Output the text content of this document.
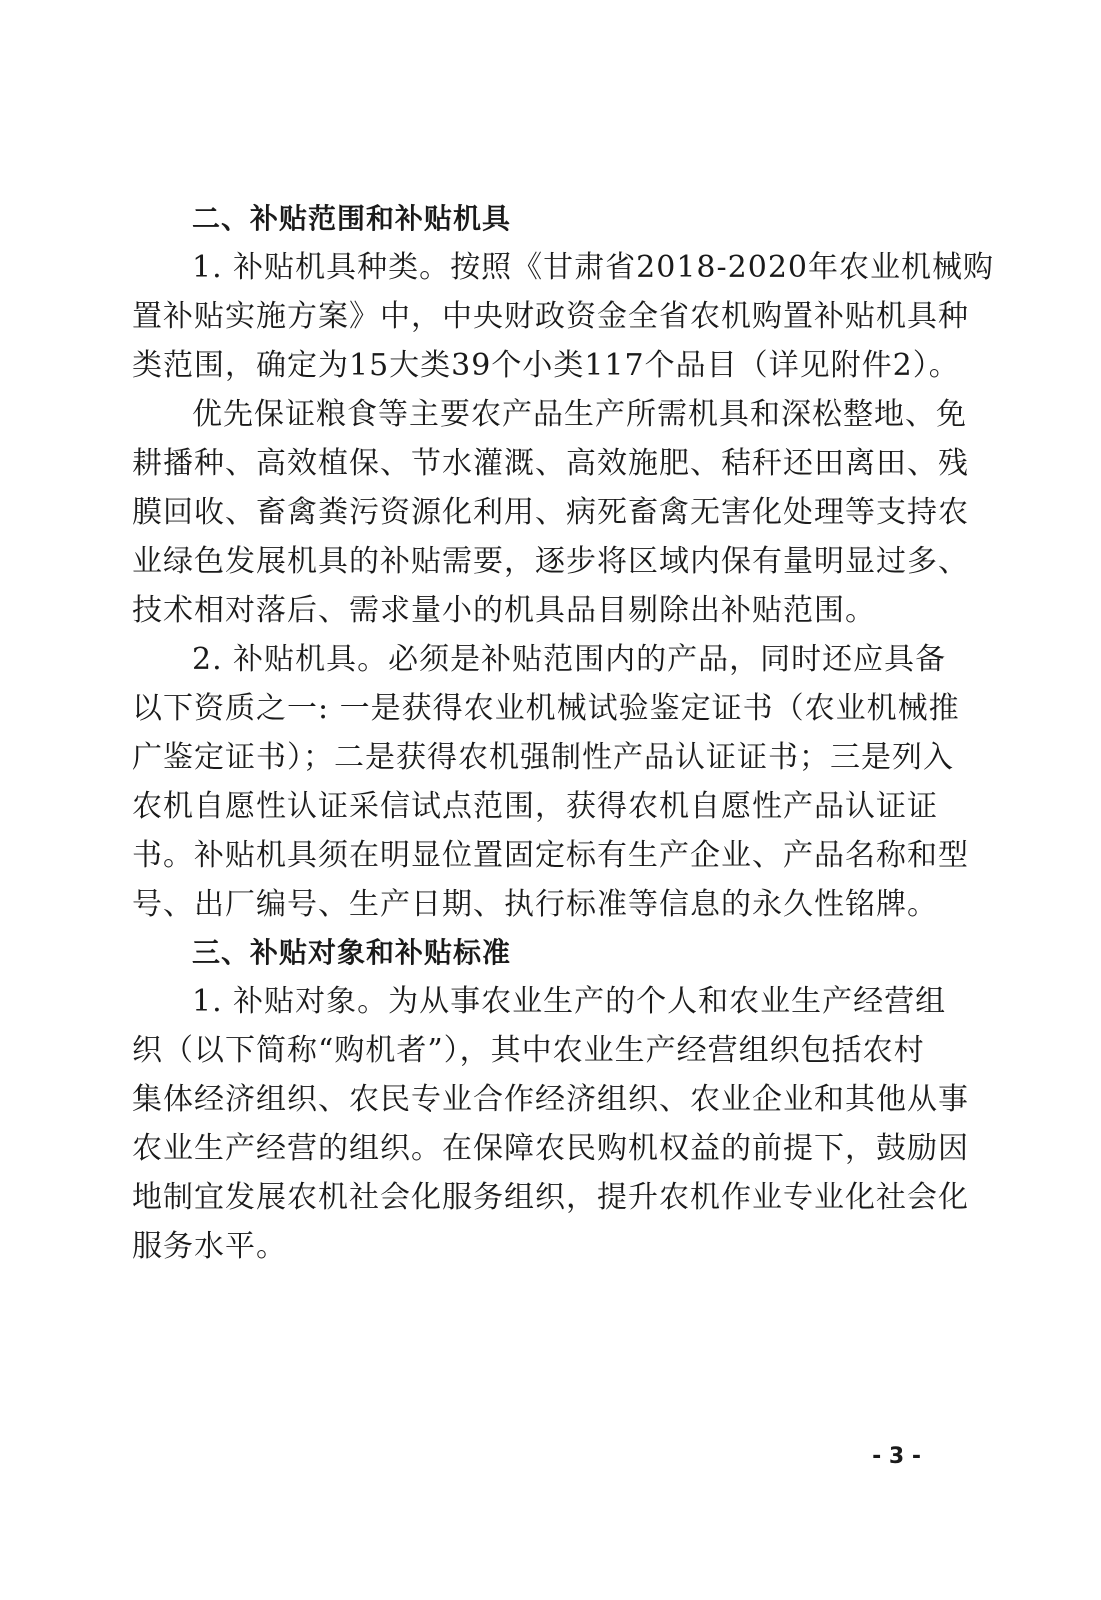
二、补贴范围和补贴机具
1. 补贴机具种类。按照《甘肃省2018-2020年农业机械购
置补贴实施方案》中，中央财政资金全省农机购置补贴机具种
类范围，确定为15大类39个小类117个品目（详见附件2）。
优先保证粮食等主要农产品生产所需机具和深松整地、免
耕播种、高效植保、节水灌溉、高效施肥、秸秆还田离田、残
膜回收、畜禽粪污资源化利用、病死畜禽无害化处理等支持农
业绿色发展机具的补贴需要，逐步将区域内保有量明显过多、
技术相对落后、需求量小的机具品目剔除出补贴范围。
2. 补贴机具。必须是补贴范围内的产品，同时还应具备
以下资质之一: 一是获得农业机械试验鉴定证书（农业机械推
广鉴定证书）；二是获得农机强制性产品认证证书；三是列入
农机自愿性认证采信试点范围，获得农机自愿性产品认证证
书。补贴机具须在明显位置固定标有生产企业、产品名称和型
号、出厂编号、生产日期、执行标准等信息的永久性铭牌。
三、补贴对象和补贴标准
1. 补贴对象。为从事农业生产的个人和农业生产经营组
织（以下简称“购机者”），其中农业生产经营组织包括农村
集体经济组织、农民专业合作经济组织、农业企业和其他从事
农业生产经营的组织。在保障农民购机权益的前提下，鼓励因
地制宜发展农机社会化服务组织，提升农机作业专业化社会化
服务水平。
- 3 -
